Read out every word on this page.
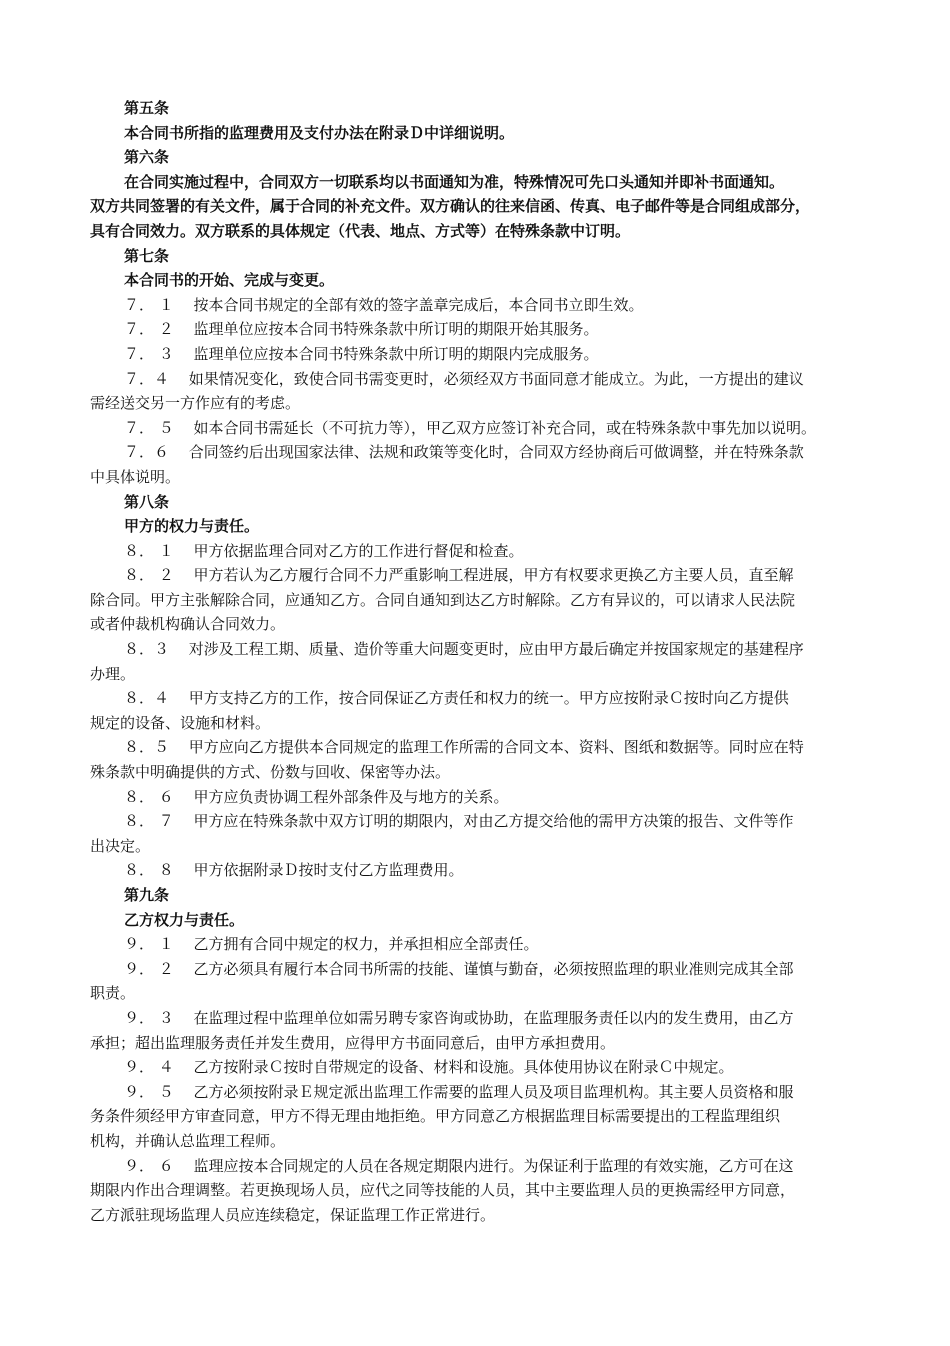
第五条
本合同书所指的监理费用及支付办法在附录Ｄ中详细说明。
第六条
在合同实施过程中，合同双方一切联系均以书面通知为准，特殊情况可先口头通知并即补书面通知。
双方共同签署的有关文件，属于合同的补充文件。双方确认的往来信函、传真、电子邮件等是合同组成部分，
具有合同效力。双方联系的具体规定（代表、地点、方式等）在特殊条款中订明。
第七条
本合同书的开始、完成与变更。
７． １　 按本合同书规定的全部有效的签字盖章完成后，本合同书立即生效。
７． ２　 监理单位应按本合同书特殊条款中所订明的期限开始其服务。
７． ３　 监理单位应按本合同书特殊条款中所订明的期限内完成服务。
７．４　 如果情况变化，致使合同书需变更时，必须经双方书面同意才能成立。为此，一方提出的建议
需经送交另一方作应有的考虑。
７． ５　 如本合同书需延长（不可抗力等），甲乙双方应签订补充合同，或在特殊条款中事先加以说明。
７．６　 合同签约后出现国家法律、法规和政策等变化时，合同双方经协商后可做调整，并在特殊条款
中具体说明。
第八条
甲方的权力与责任。
８． １　 甲方依据监理合同对乙方的工作进行督促和检查。
８． ２　 甲方若认为乙方履行合同不力严重影响工程进展，甲方有权要求更换乙方主要人员，直至解
除合同。甲方主张解除合同，应通知乙方。合同自通知到达乙方时解除。乙方有异议的，可以请求人民法院
或者仲裁机构确认合同效力。
８．３　 对涉及工程工期、质量、造价等重大问题变更时，应由甲方最后确定并按国家规定的基建程序
办理。
８．４　 甲方支持乙方的工作，按合同保证乙方责任和权力的统一。甲方应按附录Ｃ按时向乙方提供
规定的设备、设施和材料。
８．５　 甲方应向乙方提供本合同规定的监理工作所需的合同文本、资料、图纸和数据等。同时应在特
殊条款中明确提供的方式、份数与回收、保密等办法。
８． ６　 甲方应负责协调工程外部条件及与地方的关系。
８． ７　 甲方应在特殊条款中双方订明的期限内，对由乙方提交给他的需甲方决策的报告、文件等作
出决定。
８． ８　 甲方依据附录Ｄ按时支付乙方监理费用。
第九条
乙方权力与责任。
９． １　 乙方拥有合同中规定的权力，并承担相应全部责任。
９． ２　 乙方必须具有履行本合同书所需的技能、谨慎与勤奋，必须按照监理的职业准则完成其全部
职责。
９． ３　 在监理过程中监理单位如需另聘专家咨询或协助，在监理服务责任以内的发生费用，由乙方
承担；超出监理服务责任并发生费用，应得甲方书面同意后，由甲方承担费用。
９． ４　 乙方按附录Ｃ按时自带规定的设备、材料和设施。具体使用协议在附录Ｃ中规定。
９． ５　 乙方必须按附录Ｅ规定派出监理工作需要的监理人员及项目监理机构。其主要人员资格和服
务条件须经甲方审查同意，甲方不得无理由地拒绝。甲方同意乙方根据监理目标需要提出的工程监理组织
机构，并确认总监理工程师。
９． ６　 监理应按本合同规定的人员在各规定期限内进行。为保证利于监理的有效实施，乙方可在这
期限内作出合理调整。若更换现场人员，应代之同等技能的人员，其中主要监理人员的更换需经甲方同意，
乙方派驻现场监理人员应连续稳定，保证监理工作正常进行。
